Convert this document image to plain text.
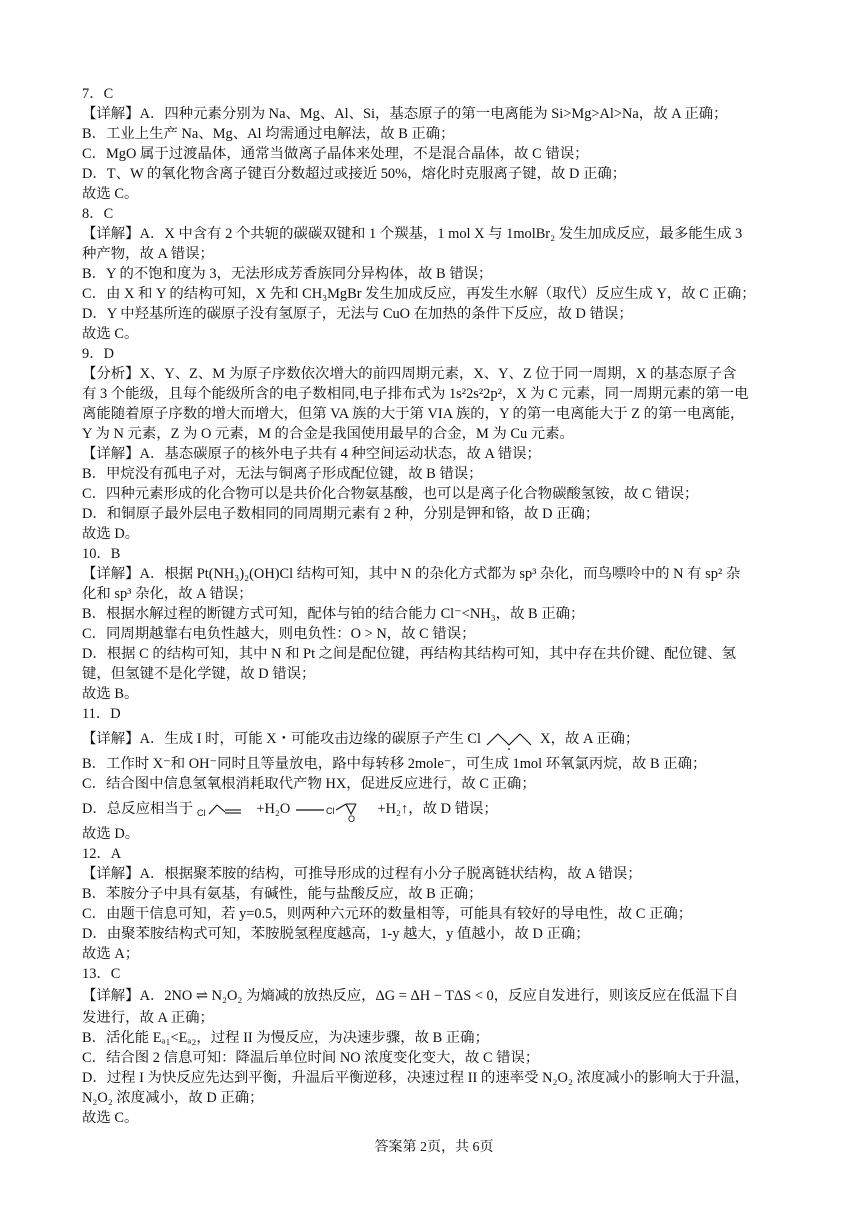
7．C
【详解】A．四种元素分别为 Na、Mg、Al、Si，基态原子的第一电离能为 Si>Mg>Al>Na，故 A 正确；
B．工业上生产 Na、Mg、Al 均需通过电解法，故 B 正确；
C．MgO 属于过渡晶体，通常当做离子晶体来处理，不是混合晶体，故 C 错误；
D．T、W 的氧化物含离子键百分数超过或接近 50%，熔化时克服离子键，故 D 正确；
故选 C。
8．C
【详解】A．X 中含有 2 个共轭的碳碳双键和 1 个羰基，1 mol X 与 1molBr₂ 发生加成反应，最多能生成 3
种产物，故 A 错误；
B．Y 的不饱和度为 3，无法形成芳香族同分异构体，故 B 错误；
C．由 X 和 Y 的结构可知，X 先和 CH₃MgBr 发生加成反应，再发生水解（取代）反应生成 Y，故 C 正确；
D．Y 中羟基所连的碳原子没有氢原子，无法与 CuO 在加热的条件下反应，故 D 错误；
故选 C。
9．D
【分析】X、Y、Z、M 为原子序数依次增大的前四周期元素，X、Y、Z 位于同一周期，X 的基态原子含
有 3 个能级，且每个能级所含的电子数相同,电子排布式为 1s²2s²2p²，X 为 C 元素，同一周期元素的第一电
离能随着原子序数的增大而增大，但第 VA 族的大于第 VIA 族的，Y 的第一电离能大于 Z 的第一电离能，
Y 为 N 元素，Z 为 O 元素，M 的合金是我国使用最早的合金，M 为 Cu 元素。
【详解】A．基态碳原子的核外电子共有 4 种空间运动状态，故 A 错误；
B．甲烷没有孤电子对，无法与铜离子形成配位键，故 B 错误；
C．四种元素形成的化合物可以是共价化合物氨基酸，也可以是离子化合物碳酸氢铵，故 C 错误；
D．和铜原子最外层电子数相同的同周期元素有 2 种，分别是钾和铬，故 D 正确；
故选 D。
10．B
【详解】A．根据 Pt(NH₃)₂(OH)Cl 结构可知，其中 N 的杂化方式都为 sp³ 杂化，而鸟嘌呤中的 N 有 sp² 杂
化和 sp³ 杂化，故 A 错误；
B．根据水解过程的断键方式可知，配体与铂的结合能力 Cl⁻<NH₃，故 B 正确；
C．同周期越靠右电负性越大，则电负性：O > N，故 C 错误；
D．根据 C 的结构可知，其中 N 和 Pt 之间是配位键，再结构其结构可知，其中存在共价键、配位键、氢
键，但氢键不是化学键，故 D 错误；
故选 B。
11．D
【详解】A．生成 I 时，可能 X・可能攻击边缘的碳原子产生 Cl	X，故 A 正确；
B．工作时 X⁻和 OH⁻同时且等量放电，路中每转移 2mole⁻，可生成 1mol 环氧氯丙烷，故 B 正确；
C．结合图中信息氢氧根消耗取代产物 HX，促进反应进行，故 C 正确；
D．总反应相当于 Cl	+H₂O	Cl
O
+H₂↑，故 D 错误；
故选 D。
12．A
【详解】A．根据聚苯胺的结构，可推导形成的过程有小分子脱离链状结构，故 A 错误；
B．苯胺分子中具有氨基，有碱性，能与盐酸反应，故 B 正确；
C．由题干信息可知，若 y=0.5，则两种六元环的数量相等，可能具有较好的导电性，故 C 正确；
D．由聚苯胺结构式可知，苯胺脱氢程度越高，1-y 越大，y 值越小，故 D 正确；
故选 A；
13．C
【详解】A．2NO ⇌ N₂O₂ 为熵减的放热反应，ΔG = ΔH − TΔS < 0，反应自发进行，则该反应在低温下自
发进行，故 A 正确；
B．活化能 Eₐ₁<Eₐ₂，过程 II 为慢反应，为决速步骤，故 B 正确；
C．结合图 2 信息可知：降温后单位时间 NO 浓度变化变大，故 C 错误；
D．过程 I 为快反应先达到平衡，升温后平衡逆移，决速过程 II 的速率受 N₂O₂ 浓度减小的影响大于升温，
N₂O₂ 浓度减小，故 D 正确；
故选 C。
答案第 2页，共 6页
